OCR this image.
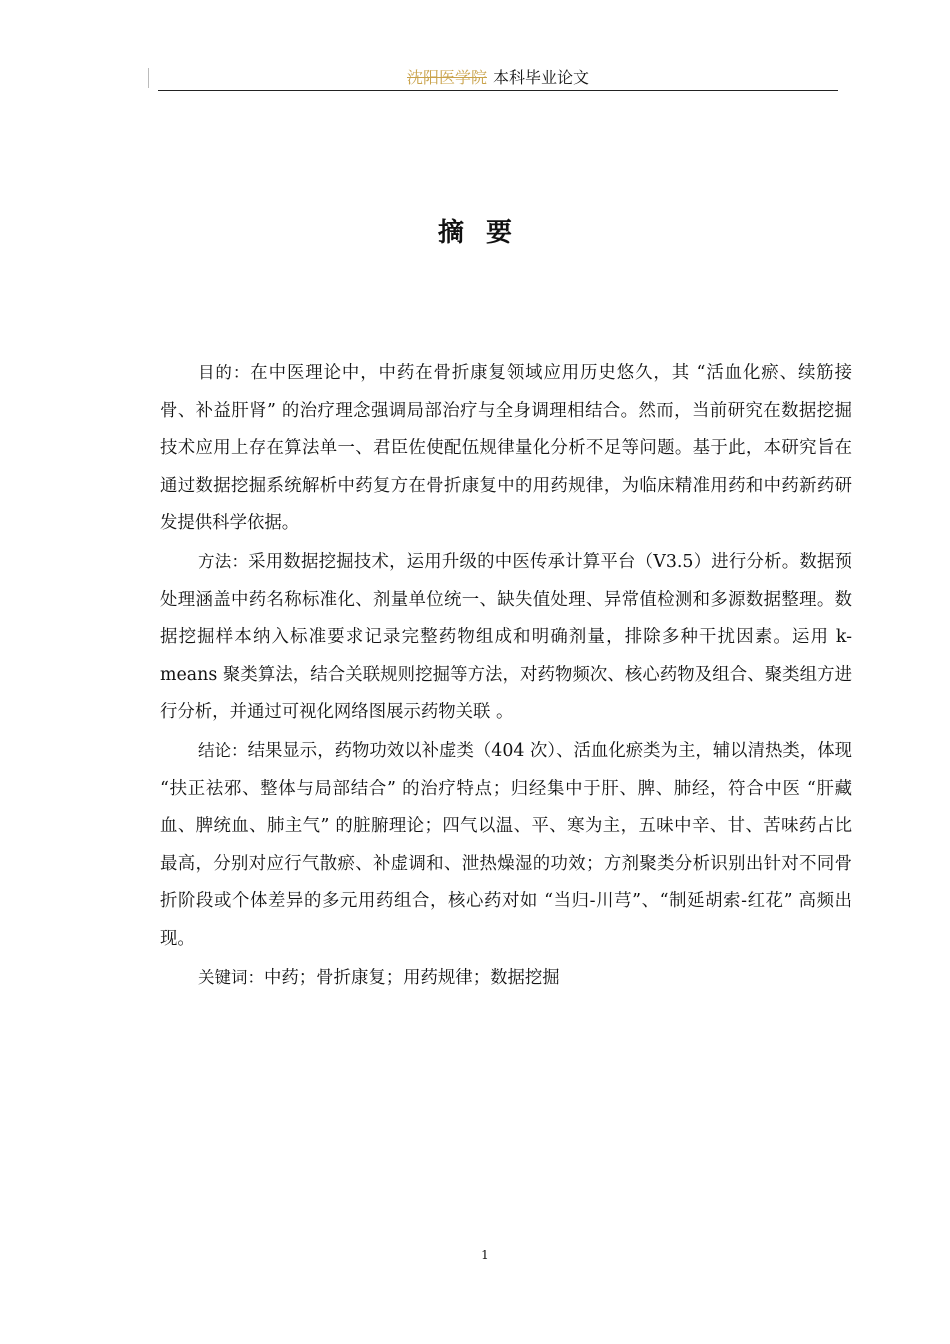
沈阳医学院 本科毕业论文
摘要

目的：在中医理论中，中药在骨折康复领域应用历史悠久，其 “活血化瘀、续筋接骨、补益肝肾” 的治疗理念强调局部治疗与全身调理相结合。然而，当前研究在数据挖掘技术应用上存在算法单一、君臣佐使配伍规律量化分析不足等问题。基于此，本研究旨在通过数据挖掘系统解析中药复方在骨折康复中的用药规律，为临床精准用药和中药新药研发提供科学依据。

方法：采用数据挖掘技术，运用升级的中医传承计算平台（V3.5）进行分析。数据预处理涵盖中药名称标准化、剂量单位统一、缺失值处理、异常值检测和多源数据整理。数据挖掘样本纳入标准要求记录完整药物组成和明确剂量，排除多种干扰因素。运用 k-means 聚类算法，结合关联规则挖掘等方法，对药物频次、核心药物及组合、聚类组方进行分析，并通过可视化网络图展示药物关联 。

结论：结果显示，药物功效以补虚类（404 次）、活血化瘀类为主，辅以清热类，体现 “扶正祛邪、整体与局部结合” 的治疗特点；归经集中于肝、脾、肺经，符合中医 “肝藏血、脾统血、肺主气” 的脏腑理论；四气以温、平、寒为主，五味中辛、甘、苦味药占比最高，分别对应行气散瘀、补虚调和、泄热燥湿的功效；方剂聚类分析识别出针对不同骨折阶段或个体差异的多元用药组合，核心药对如 “当归-川芎”、“制延胡索-红花” 高频出现。

关键词：中药；骨折康复；用药规律；数据挖掘

1
